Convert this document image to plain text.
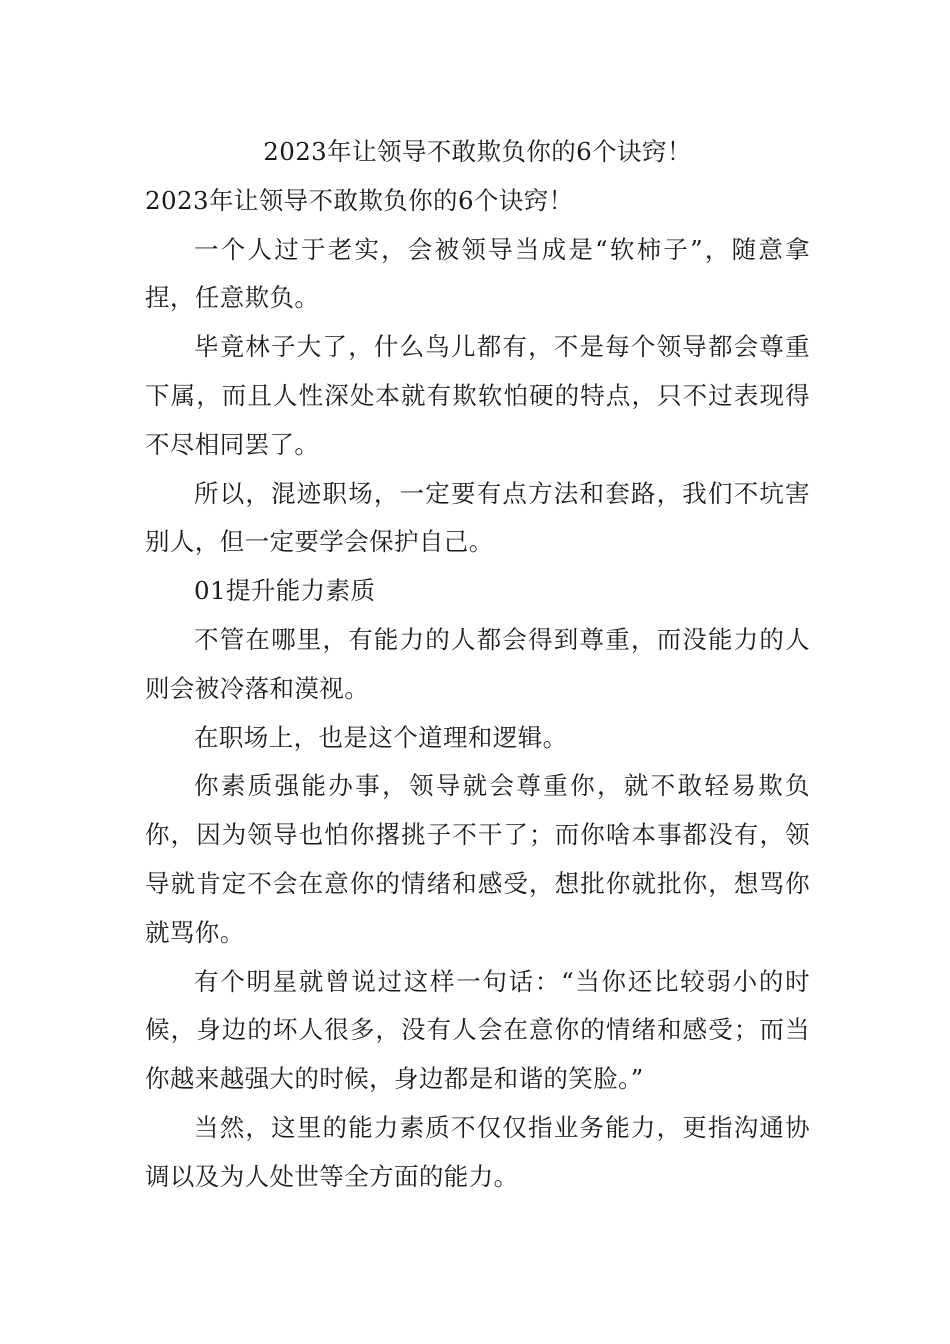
2023年让领导不敢欺负你的6个诀窍！

2023年让领导不敢欺负你的6个诀窍！

一个人过于老实，会被领导当成是“软柿子”，随意拿捏，任意欺负。

毕竟林子大了，什么鸟儿都有，不是每个领导都会尊重下属，而且人性深处本就有欺软怕硬的特点，只不过表现得不尽相同罢了。

所以，混迹职场，一定要有点方法和套路，我们不坑害别人，但一定要学会保护自己。

01提升能力素质

不管在哪里，有能力的人都会得到尊重，而没能力的人则会被冷落和漠视。

在职场上，也是这个道理和逻辑。

你素质强能办事，领导就会尊重你，就不敢轻易欺负你，因为领导也怕你撂挑子不干了；而你啥本事都没有，领导就肯定不会在意你的情绪和感受，想批你就批你，想骂你就骂你。

有个明星就曾说过这样一句话：“当你还比较弱小的时候，身边的坏人很多，没有人会在意你的情绪和感受；而当你越来越强大的时候，身边都是和谐的笑脸。”

当然，这里的能力素质不仅仅指业务能力，更指沟通协调以及为人处世等全方面的能力。
